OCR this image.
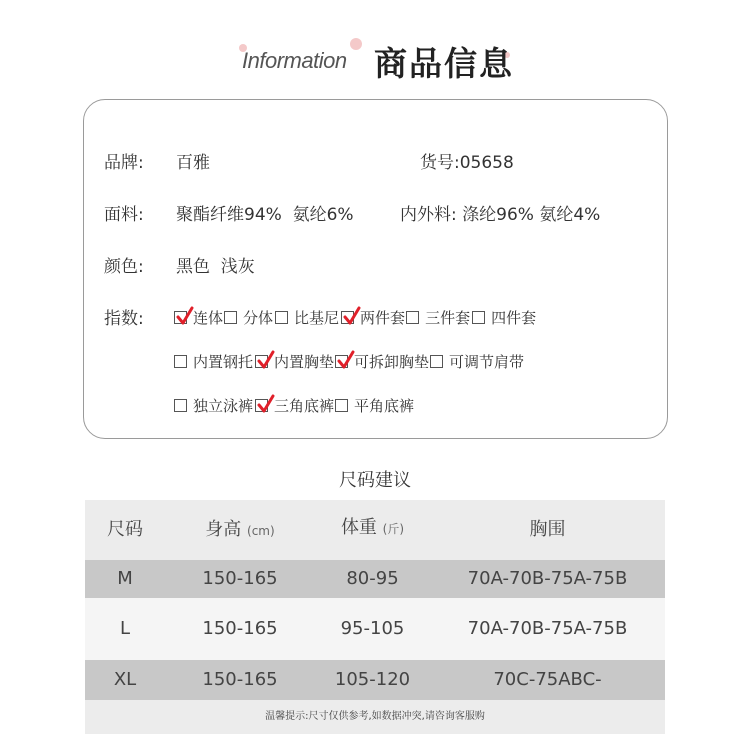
Information 商品信息
品牌: 百雅	货号:05658
面料: 聚酯纤维94%  氨纶6%	内外料: 涤纶96% 氨纶4%
颜色: 黑色  浅灰
指数:	连体 分体 比基尼 两件套 三件套 四件套
内置钢托 内置胸垫 可拆卸胸垫 可调节肩带
独立泳裤 三角底裤 平角底裤
尺码建议
尺码	身高 (cm)	体重 (斤)	胸围
M	150-165	80-95	70A-70B-75A-75B
L	150-165	95-105	70A-70B-75A-75B
XL	150-165	105-120	70C-75ABC-
温馨提示:尺寸仅供参考,如数据冲突,请咨询客服购
